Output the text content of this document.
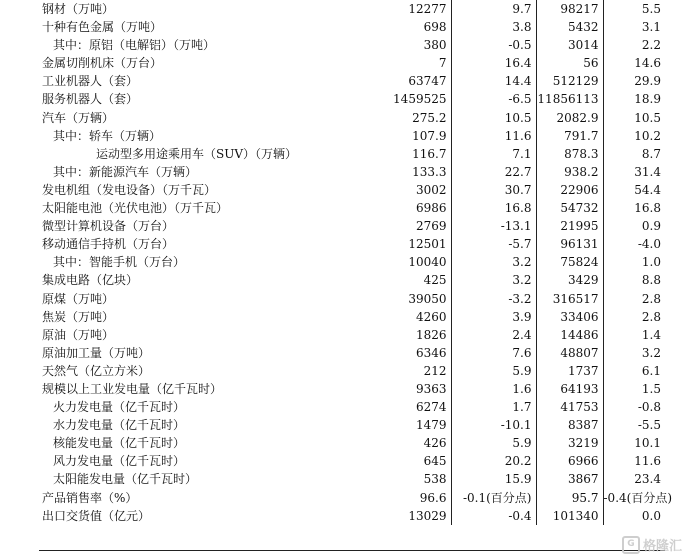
钢材（万吨）	12277	9.7	98217	5.5
十种有色金属（万吨）	698	3.8	5432	3.1
其中：原铝（电解铝）（万吨）	380	-0.5	3014	2.2
金属切削机床（万台）	7	16.4	56	14.6
工业机器人（套）	63747	14.4	512129	29.9
服务机器人（套）	1459525	-6.5	11856113	18.9
汽车（万辆）	275.2	10.5	2082.9	10.5
其中：轿车（万辆）	107.9	11.6	791.7	10.2
运动型多用途乘用车（SUV）（万辆）	116.7	7.1	878.3	8.7
其中：新能源汽车（万辆）	133.3	22.7	938.2	31.4
发电机组（发电设备）（万千瓦）	3002	30.7	22906	54.4
太阳能电池（光伏电池）（万千瓦）	6986	16.8	54732	16.8
微型计算机设备（万台）	2769	-13.1	21995	0.9
移动通信手持机（万台）	12501	-5.7	96131	-4.0
其中：智能手机（万台）	10040	3.2	75824	1.0
集成电路（亿块）	425	3.2	3429	8.8
原煤（万吨）	39050	-3.2	316517	2.8
焦炭（万吨）	4260	3.9	33406	2.8
原油（万吨）	1826	2.4	14486	1.4
原油加工量（万吨）	6346	7.6	48807	3.2
天然气（亿立方米）	212	5.9	1737	6.1
规模以上工业发电量（亿千瓦时）	9363	1.6	64193	1.5
火力发电量（亿千瓦时）	6274	1.7	41753	-0.8
水力发电量（亿千瓦时）	1479	-10.1	8387	-5.5
核能发电量（亿千瓦时）	426	5.9	3219	10.1
风力发电量（亿千瓦时）	645	20.2	6966	11.6
太阳能发电量（亿千瓦时）	538	15.9	3867	23.4
产品销售率（%）	96.6	-0.1(百分点)	95.7	-0.4(百分点)
出口交货值（亿元）	13029	-0.4	101340	0.0
G 格隆汇
